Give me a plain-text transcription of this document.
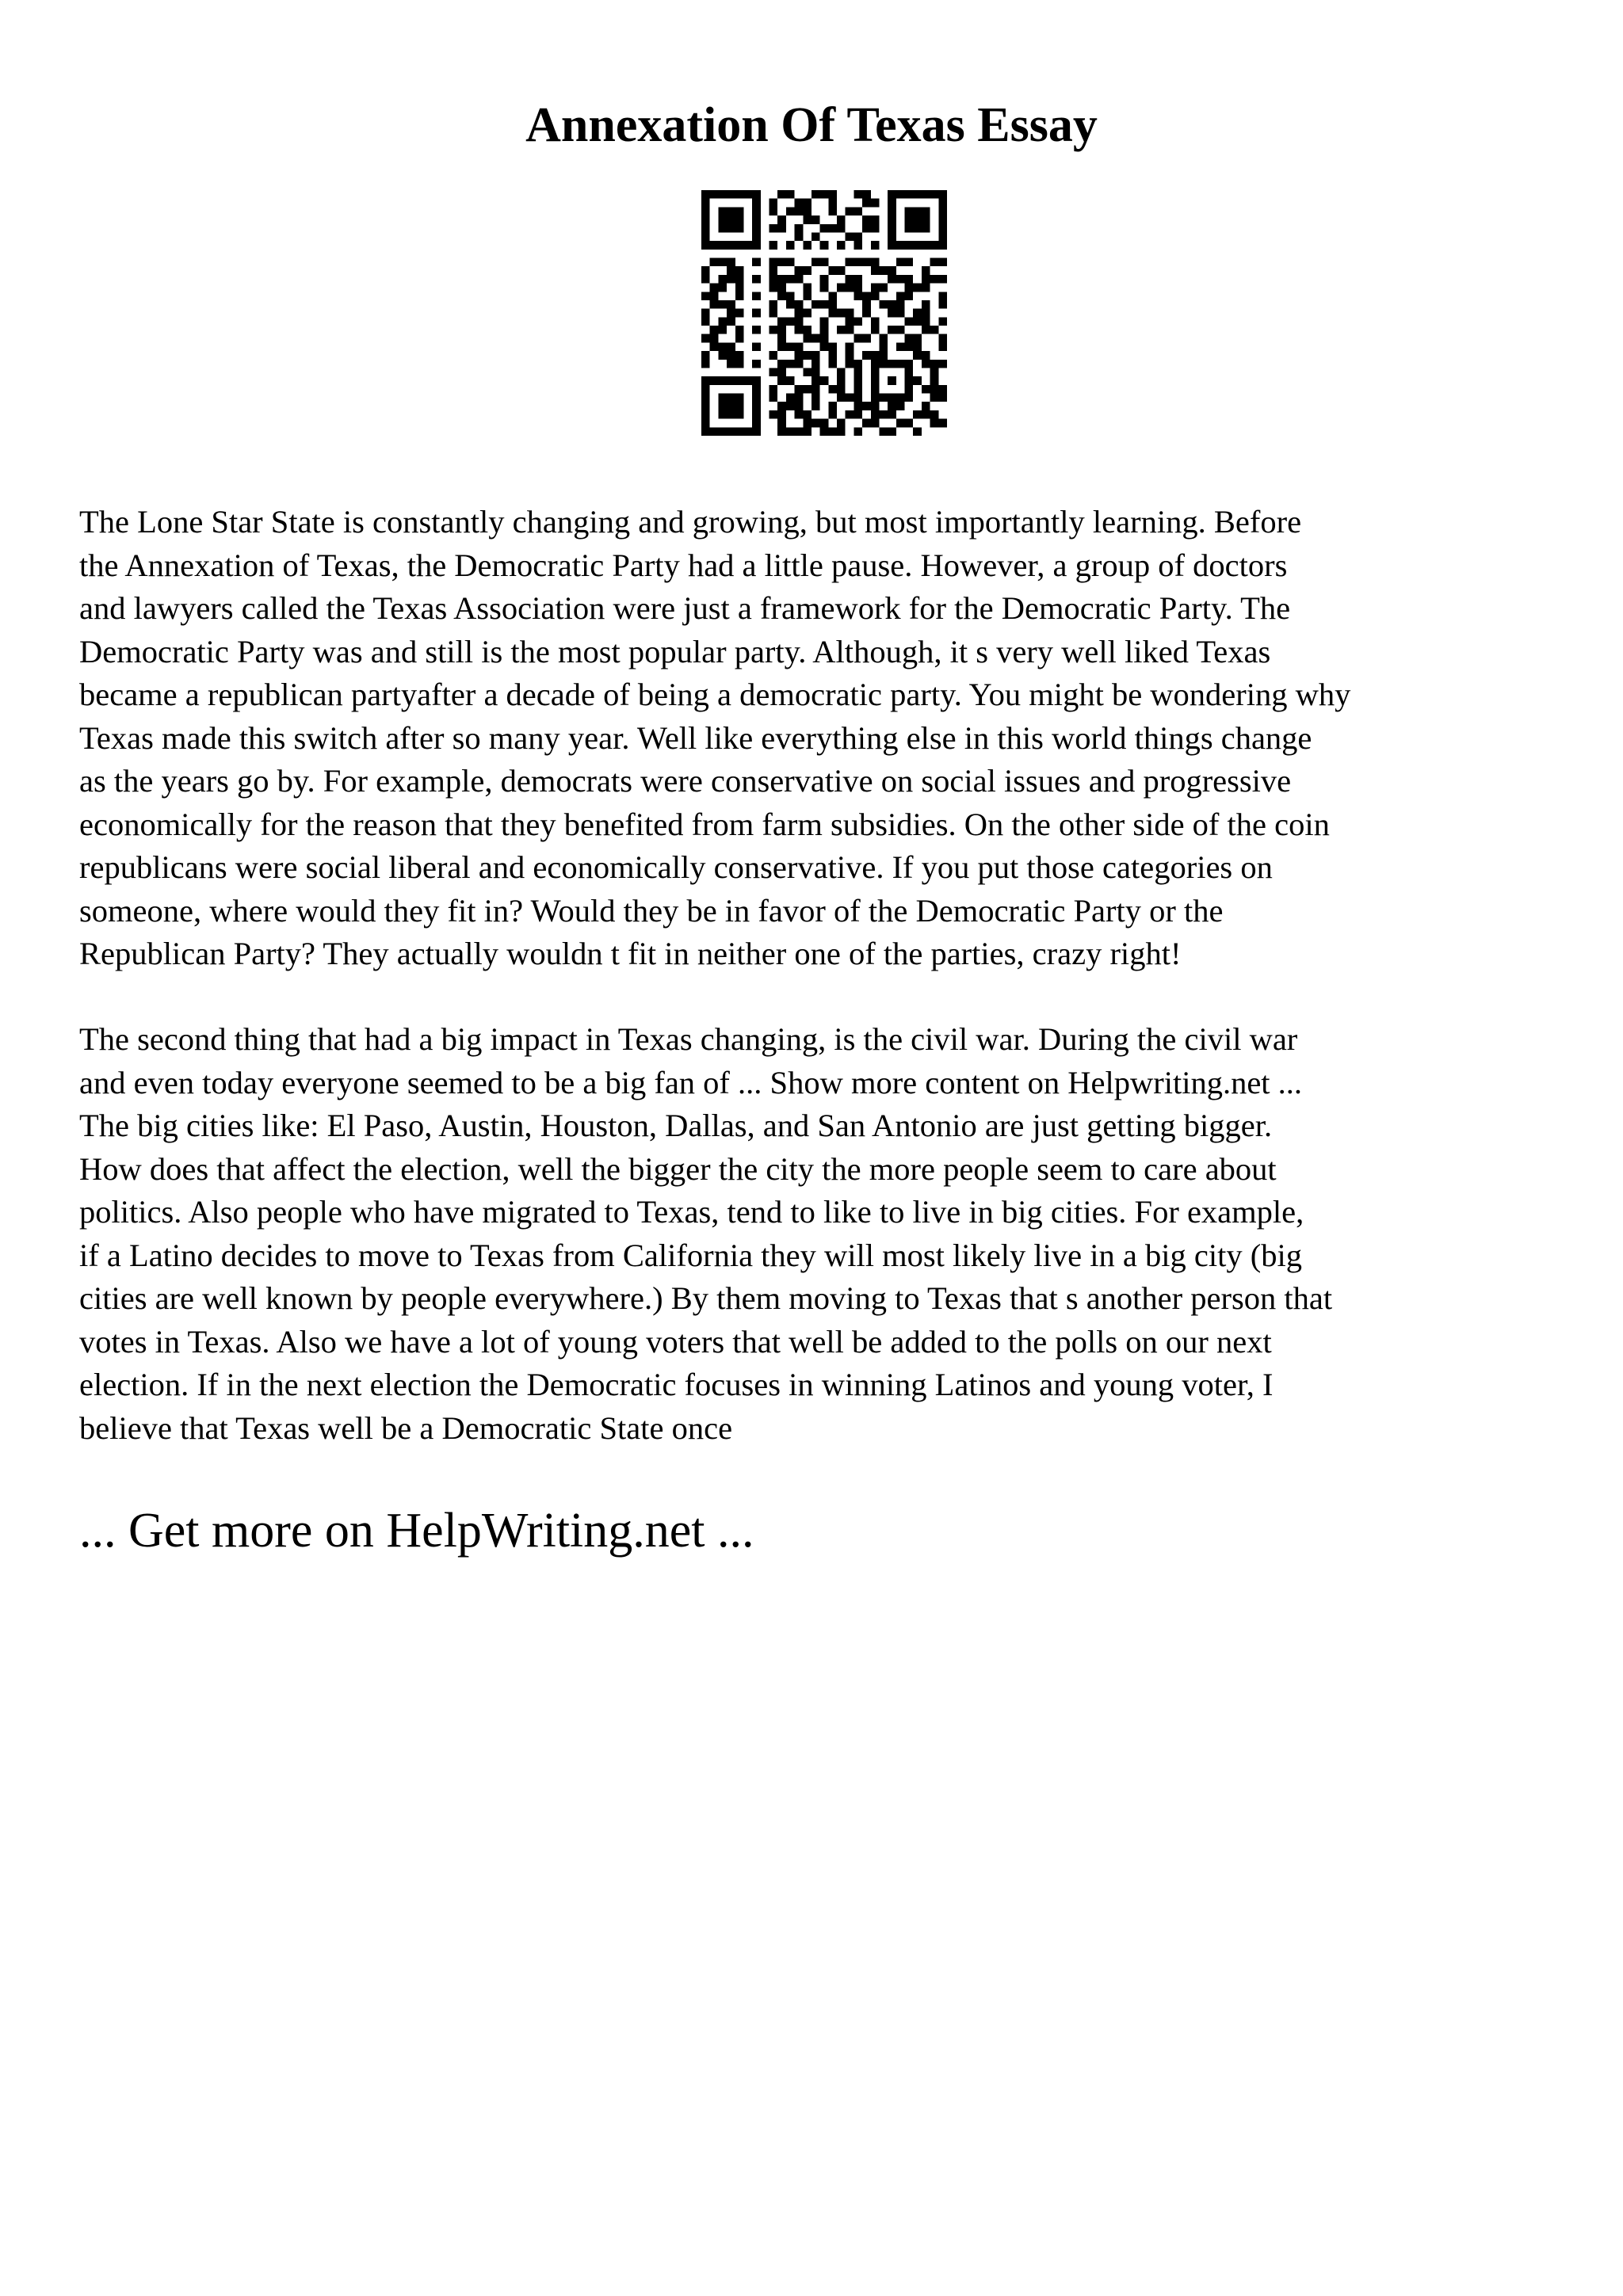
Annexation Of Texas Essay

The Lone Star State is constantly changing and growing, but most importantly learning. Before
the Annexation of Texas, the Democratic Party had a little pause. However, a group of doctors
and lawyers called the Texas Association were just a framework for the Democratic Party. The
Democratic Party was and still is the most popular party. Although, it s very well liked Texas
became a republican partyafter a decade of being a democratic party. You might be wondering why
Texas made this switch after so many year. Well like everything else in this world things change
as the years go by. For example, democrats were conservative on social issues and progressive
economically for the reason that they benefited from farm subsidies. On the other side of the coin
republicans were social liberal and economically conservative. If you put those categories on
someone, where would they fit in? Would they be in favor of the Democratic Party or the
Republican Party? They actually wouldn t fit in neither one of the parties, crazy right!

The second thing that had a big impact in Texas changing, is the civil war. During the civil war
and even today everyone seemed to be a big fan of ... Show more content on Helpwriting.net ...
The big cities like: El Paso, Austin, Houston, Dallas, and San Antonio are just getting bigger.
How does that affect the election, well the bigger the city the more people seem to care about
politics. Also people who have migrated to Texas, tend to like to live in big cities. For example,
if a Latino decides to move to Texas from California they will most likely live in a big city (big
cities are well known by people everywhere.) By them moving to Texas that s another person that
votes in Texas. Also we have a lot of young voters that well be added to the polls on our next
election. If in the next election the Democratic focuses in winning Latinos and young voter, I
believe that Texas well be a Democratic State once

... Get more on HelpWriting.net ...
